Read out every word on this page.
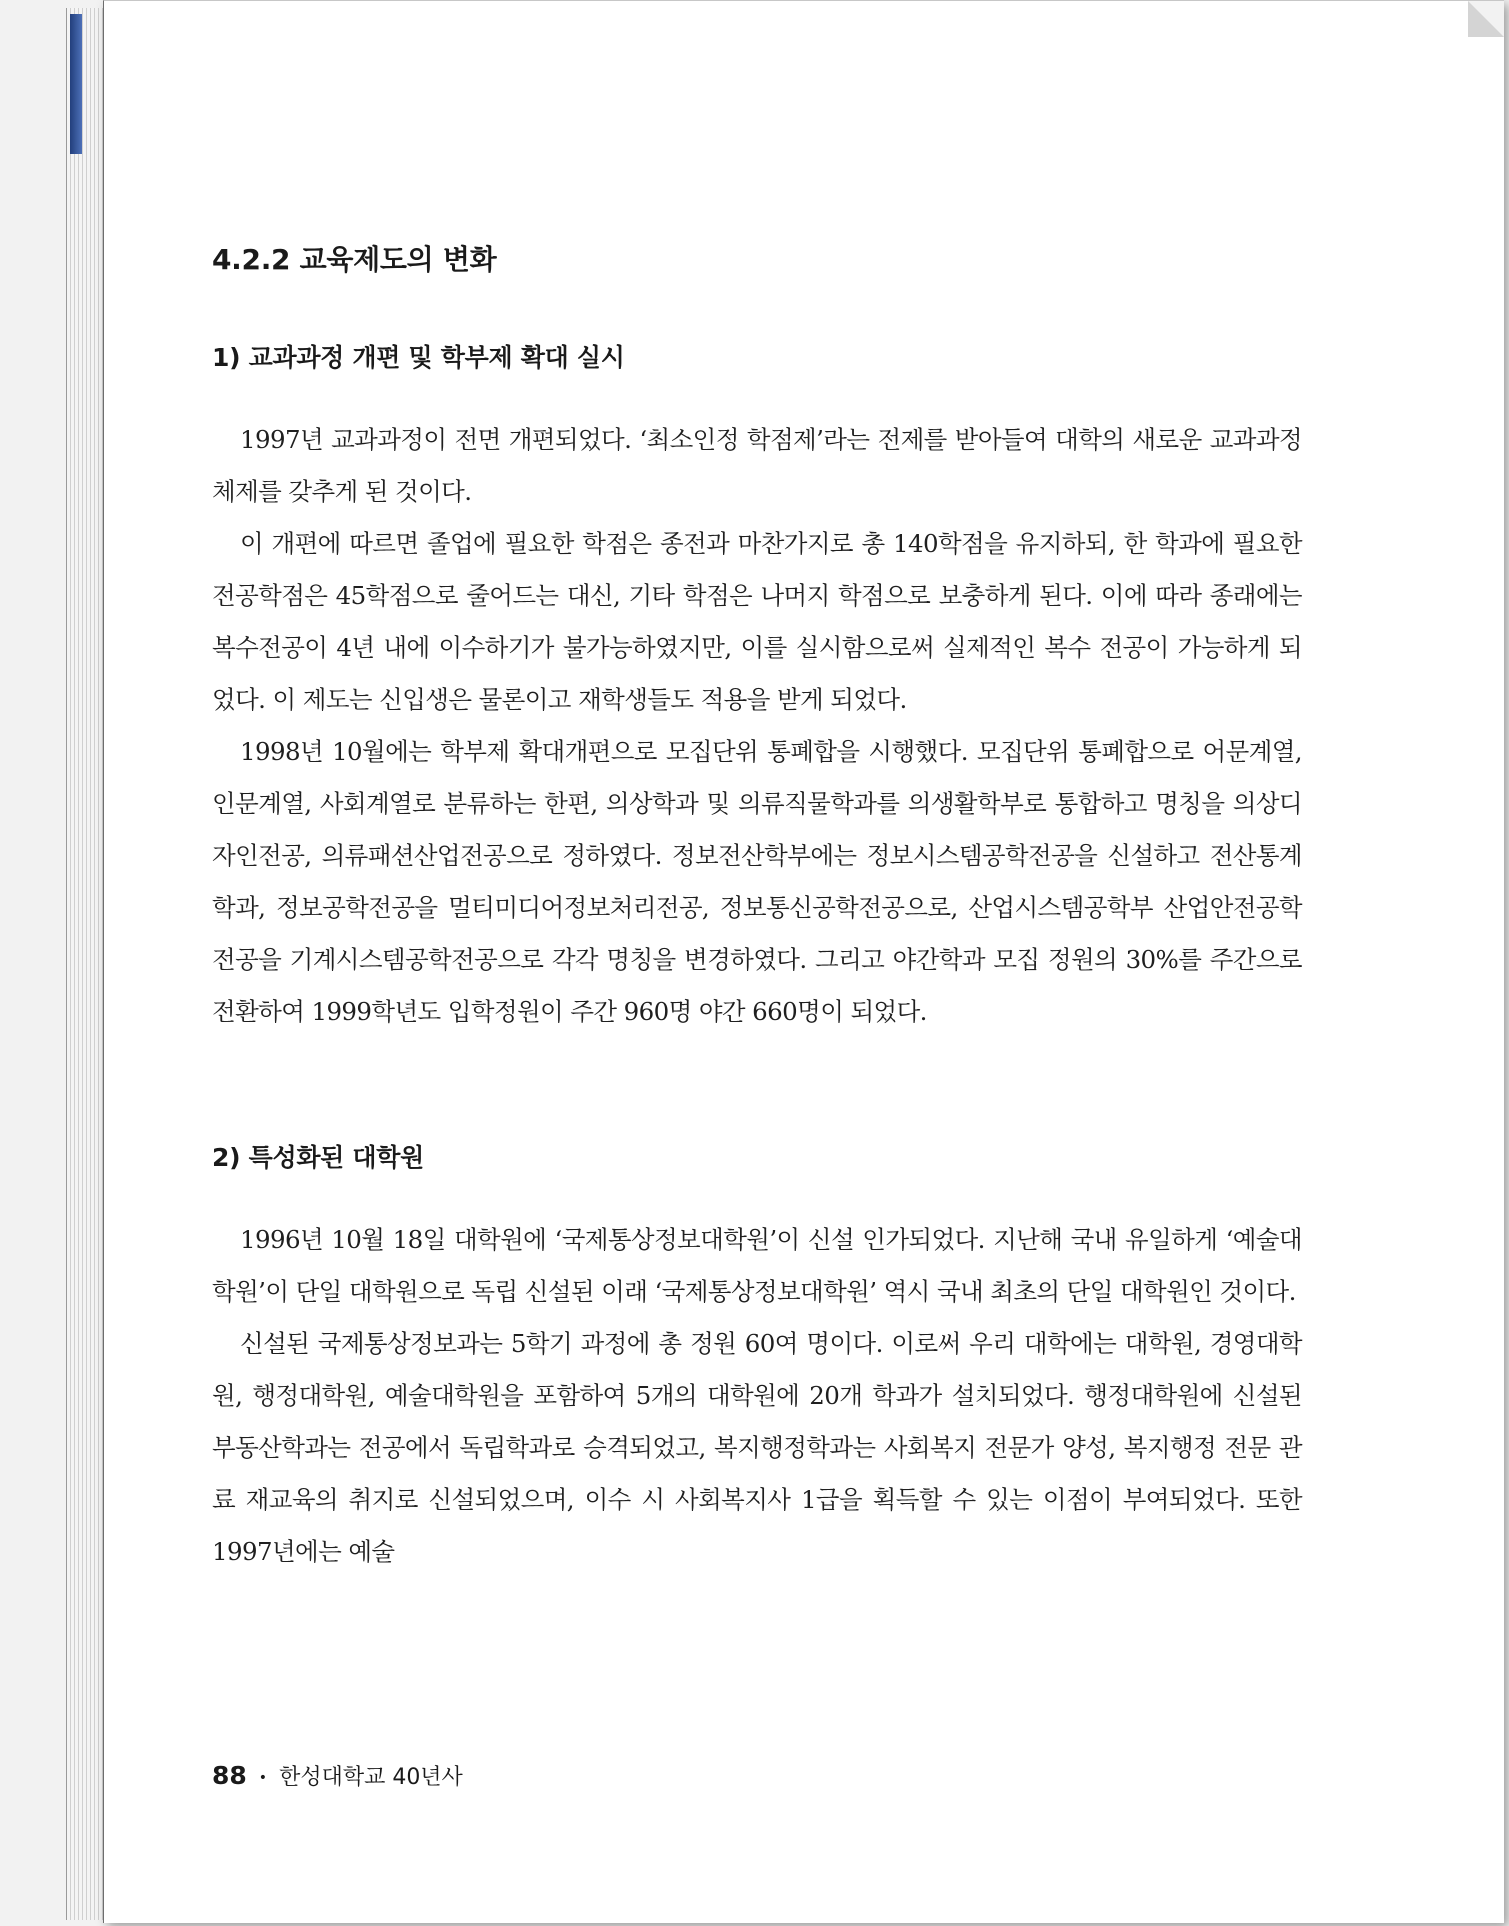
4.2.2 교육제도의 변화
1) 교과과정 개편 및 학부제 확대 실시

1997년 교과과정이 전면 개편되었다. ‘최소인정 학점제’라는 전제를 받아들여 대학의 새로운 교과과정 체제를 갖추게 된 것이다.

이 개편에 따르면 졸업에 필요한 학점은 종전과 마찬가지로 총 140학점을 유지하되, 한 학과에 필요한 전공학점은 45학점으로 줄어드는 대신, 기타 학점은 나머지 학점으로 보충하게 된다. 이에 따라 종래에는 복수전공이 4년 내에 이수하기가 불가능하였지만, 이를 실시함으로써 실제적인 복수 전공이 가능하게 되었다. 이 제도는 신입생은 물론이고 재학생들도 적용을 받게 되었다.

1998년 10월에는 학부제 확대개편으로 모집단위 통폐합을 시행했다. 모집단위 통폐합으로 어문계열, 인문계열, 사회계열로 분류하는 한편, 의상학과 및 의류직물학과를 의생활학부로 통합하고 명칭을 의상디자인전공, 의류패션산업전공으로 정하였다. 정보전산학부에는 정보시스템공학전공을 신설하고 전산통계학과, 정보공학전공을 멀티미디어정보처리전공, 정보통신공학전공으로, 산업시스템공학부 산업안전공학전공을 기계시스템공학전공으로 각각 명칭을 변경하였다. 그리고 야간학과 모집 정원의 30%를 주간으로 전환하여 1999학년도 입학정원이 주간 960명 야간 660명이 되었다.

2) 특성화된 대학원

1996년 10월 18일 대학원에 ‘국제통상정보대학원’이 신설 인가되었다. 지난해 국내 유일하게 ‘예술대학원’이 단일 대학원으로 독립 신설된 이래 ‘국제통상정보대학원’ 역시 국내 최초의 단일 대학원인 것이다.

신설된 국제통상정보과는 5학기 과정에 총 정원 60여 명이다. 이로써 우리 대학에는 대학원, 경영대학원, 행정대학원, 예술대학원을 포함하여 5개의 대학원에 20개 학과가 설치되었다. 행정대학원에 신설된 부동산학과는 전공에서 독립학과로 승격되었고, 복지행정학과는 사회복지 전문가 양성, 복지행정 전문 관료 재교육의 취지로 신설되었으며, 이수 시 사회복지사 1급을 획득할 수 있는 이점이 부여되었다. 또한 1997년에는 예술

88 • 한성대학교 40년사
